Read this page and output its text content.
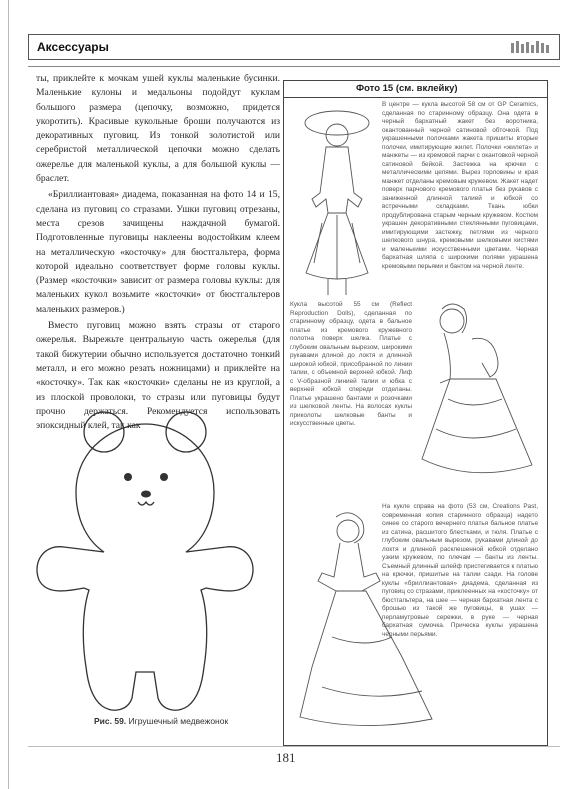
Аксессуары

ты, приклейте к мочкам ушей куклы маленькие бусинки. Маленькие кулоны и медальоны подойдут куклам большого размера (цепочку, возможно, придется укоротить). Красивые кукольные броши получаются из декоративных пуговиц. Из тонкой золотистой или серебристой металлической цепочки можно сделать ожерелье для маленькой куклы, а для большой куклы — браслет.

«Бриллиантовая» диадема, показанная на фото 14 и 15, сделана из пуговиц со стразами. Ушки пуговиц отрезаны, места срезов зачищены наждачной бумагой. Подготовленные пуговицы наклеены водостойким клеем на металлическую «косточку» для бюстгальтера, форма которой идеально соответствует форме головы куклы. (Размер «косточки» зависит от размера головы куклы: для маленьких кукол возьмите «косточки» от бюстгальтеров маленьких размеров.)

Вместо пуговиц можно взять стразы от старого ожерелья. Вырежьте центральную часть ожерелья (для такой бижутерии обычно используется достаточно тонкий металл, и его можно резать ножницами) и приклейте на «косточку». Так как «косточки» сделаны не из круглой, а из плоской проволоки, то стразы или пуговицы будут прочно держаться. Рекомендуется использовать эпоксидный клей, так как

Рис. 59. Игрушечный медвежонок
Фото 15 (см. вклейку)
В центре — кукла высотой 58 см от GP Ceramics, сделанная по старинному образцу. Она одета в черный бархатный жакет без воротника, окантованный черной сатиновой обточкой. Под украшенными полочками жакета пришиты вторые полочки, имитирующие жилет. Полочки «жилета» и манжеты — из кремовой парчи с окантовкой черной сатиновой бейкой. Застежка на крючки с металлическими цепями. Вырез горловины и края манжет отделаны кремовым кружевом. Жакет надет поверх парчового кремового платья без рукавов с заниженной длинной талией и юбкой со встречными складками. Ткань юбки продублирована старым черным кружевом. Костюм украшен декоративными стеклянными пуговицами, имитирующими застежку, петлями из черного шелкового шнура, кремовыми шелковыми кистями и маленькими искусственными цветами. Черная бархатная шляпа с широкими полями украшена кремовыми перьями и бантом на черной ленте.
Кукла высотой 55 см (Reflect Reproduction Dolls), сделанная по старинному образцу, одета в бальное платье из кремового кружевного полотна поверх шелка. Платье с глубоким овальным вырезом, широкими рукавами длиной до локтя и длинной широкой юбкой, присобранной по линии талии, с объемной верхней юбкой. Лиф с V-образной линией талии и юбка с верхней юбкой спереди отделаны. Платье украшено бантами и розочками из шелковой ленты. На волосах куклы приколоты шелковые банты и искусственные цветы.
На кукле справа на фото (53 см, Creations Past, современная копия старинного образца) надето синее со старого вечернего платья бальное платье из сатина, расшитого блестками, и тюля. Платье с глубоким овальным вырезом, рукавами длиной до локтя и длинной расклешенной юбкой отделано узким кружевом, по плечам — банты из ленты. Съемный длинный шлейф пристегивается к платью на крючки, пришитые на талии сзади. На голове куклы «бриллиантовая» диадема, сделанная из пуговиц со стразами, приклеенных на «косточку» от бюстгальтера, на шее — черная бархатная лента с брошью из такой же пуговицы, в ушах — перламутровые сережки, в руке — черная бархатная сумочка. Прическа куклы украшена черными перьями.
181
